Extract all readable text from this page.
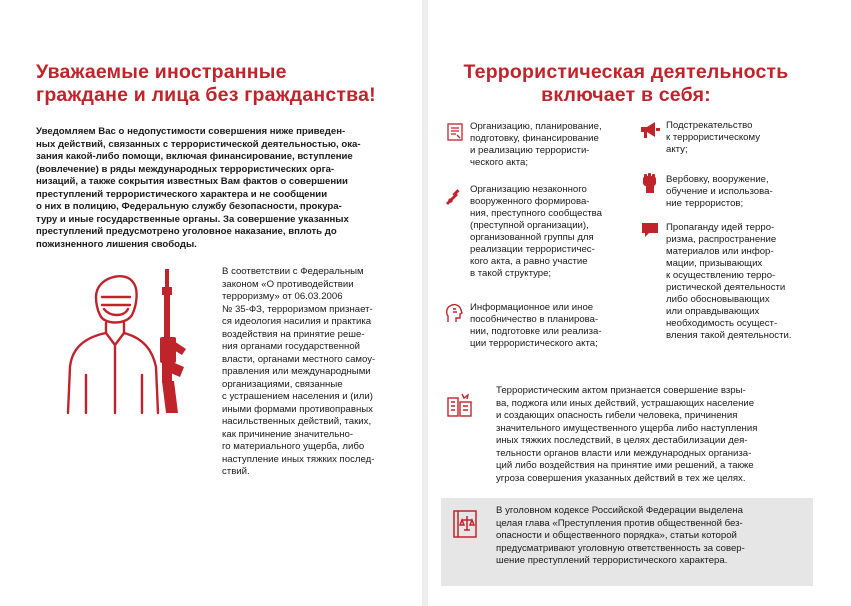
Уважаемые иностранные
граждане и лица без гражданства!
Уведомляем Вас о недопустимости совершения ниже приведен-
ных действий, связанных с террористической деятельностью, ока-
зания какой-либо помощи, включая финансирование, вступление
(вовлечение) в ряды международных террористических орга-
низаций, а также сокрытия известных Вам фактов о совершении
преступлений террористического характера и не сообщении
о них в полицию, Федеральную службу безопасности, прокура-
туру и иные государственные органы. За совершение указанных
преступлений предусмотрено уголовное наказание, вплоть до
пожизненного лишения свободы.
В соответствии с Федеральным
законом «О противодействии
терроризму» от 06.03.2006
№ 35-ФЗ, терроризмом признает-
ся идеология насилия и практика
воздействия на принятие реше-
ния органами государственной
власти, органами местного самоу-
правления или международными
организациями, связанные
с устрашением населения и (или)
иными формами противоправных
насильственных действий, таких,
как причинение значительно-
го материального ущерба, либо
наступление иных тяжких послед-
ствий.
Террористическая деятельность
включает в себя:
Организацию, планирование,
подготовку, финансирование
и реализацию террористи-
ческого акта;
Организацию незаконного
вооруженного формирова-
ния, преступного сообщества
(преступной организации),
организованной группы для
реализации террористичес-
кого акта, а равно участие
в такой структуре;
Информационное или иное
пособничество в планирова-
нии, подготовке или реализа-
ции террористического акта;
Подстрекательство
к террористическому
акту;
Вербовку, вооружение,
обучение и использова-
ние террористов;
Пропаганду идей терро-
ризма, распространение
материалов или инфор-
мации, призывающих
к осуществлению терро-
ристической деятельности
либо обосновывающих
или оправдывающих
необходимость осущест-
вления такой деятельности.
Террористическим актом признается совершение взры-
ва, поджога или иных действий, устрашающих население
и создающих опасность гибели человека, причинения
значительного имущественного ущерба либо наступления
иных тяжких последствий, в целях дестабилизации дея-
тельности органов власти или международных организа-
ций либо воздействия на принятие ими решений, а также
угроза совершения указанных действий в тех же целях.
В уголовном кодексе Российской Федерации выделена
целая глава «Преступления против общественной без-
опасности и общественного порядка», статьи которой
предусматривают уголовную ответственность за совер-
шение преступлений террористического характера.
